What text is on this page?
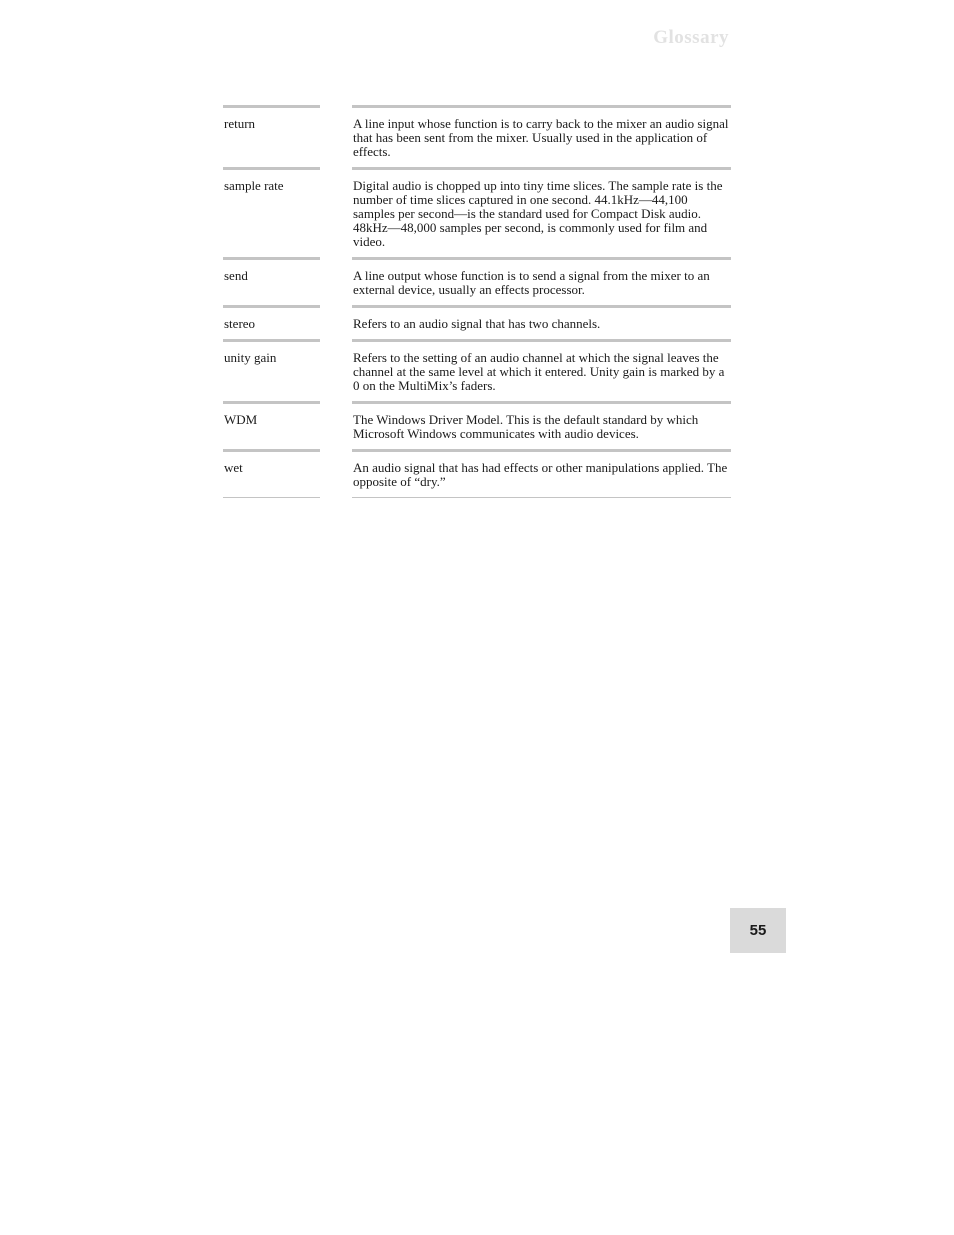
Glossary
return	A line input whose function is to carry back to the mixer an audio signal that has been sent from the mixer. Usually used in the application of effects.
sample rate	Digital audio is chopped up into tiny time slices. The sample rate is the number of time slices captured in one second. 44.1kHz—44,100 samples per second—is the standard used for Compact Disk audio. 48kHz—48,000 samples per second, is commonly used for film and video.
send	A line output whose function is to send a signal from the mixer to an external device, usually an effects processor.
stereo	Refers to an audio signal that has two channels.
unity gain	Refers to the setting of an audio channel at which the signal leaves the channel at the same level at which it entered. Unity gain is marked by a 0 on the MultiMix’s faders.
WDM	The Windows Driver Model. This is the default standard by which Microsoft Windows communicates with audio devices.
wet	An audio signal that has had effects or other manipulations applied. The opposite of “dry.”
55
